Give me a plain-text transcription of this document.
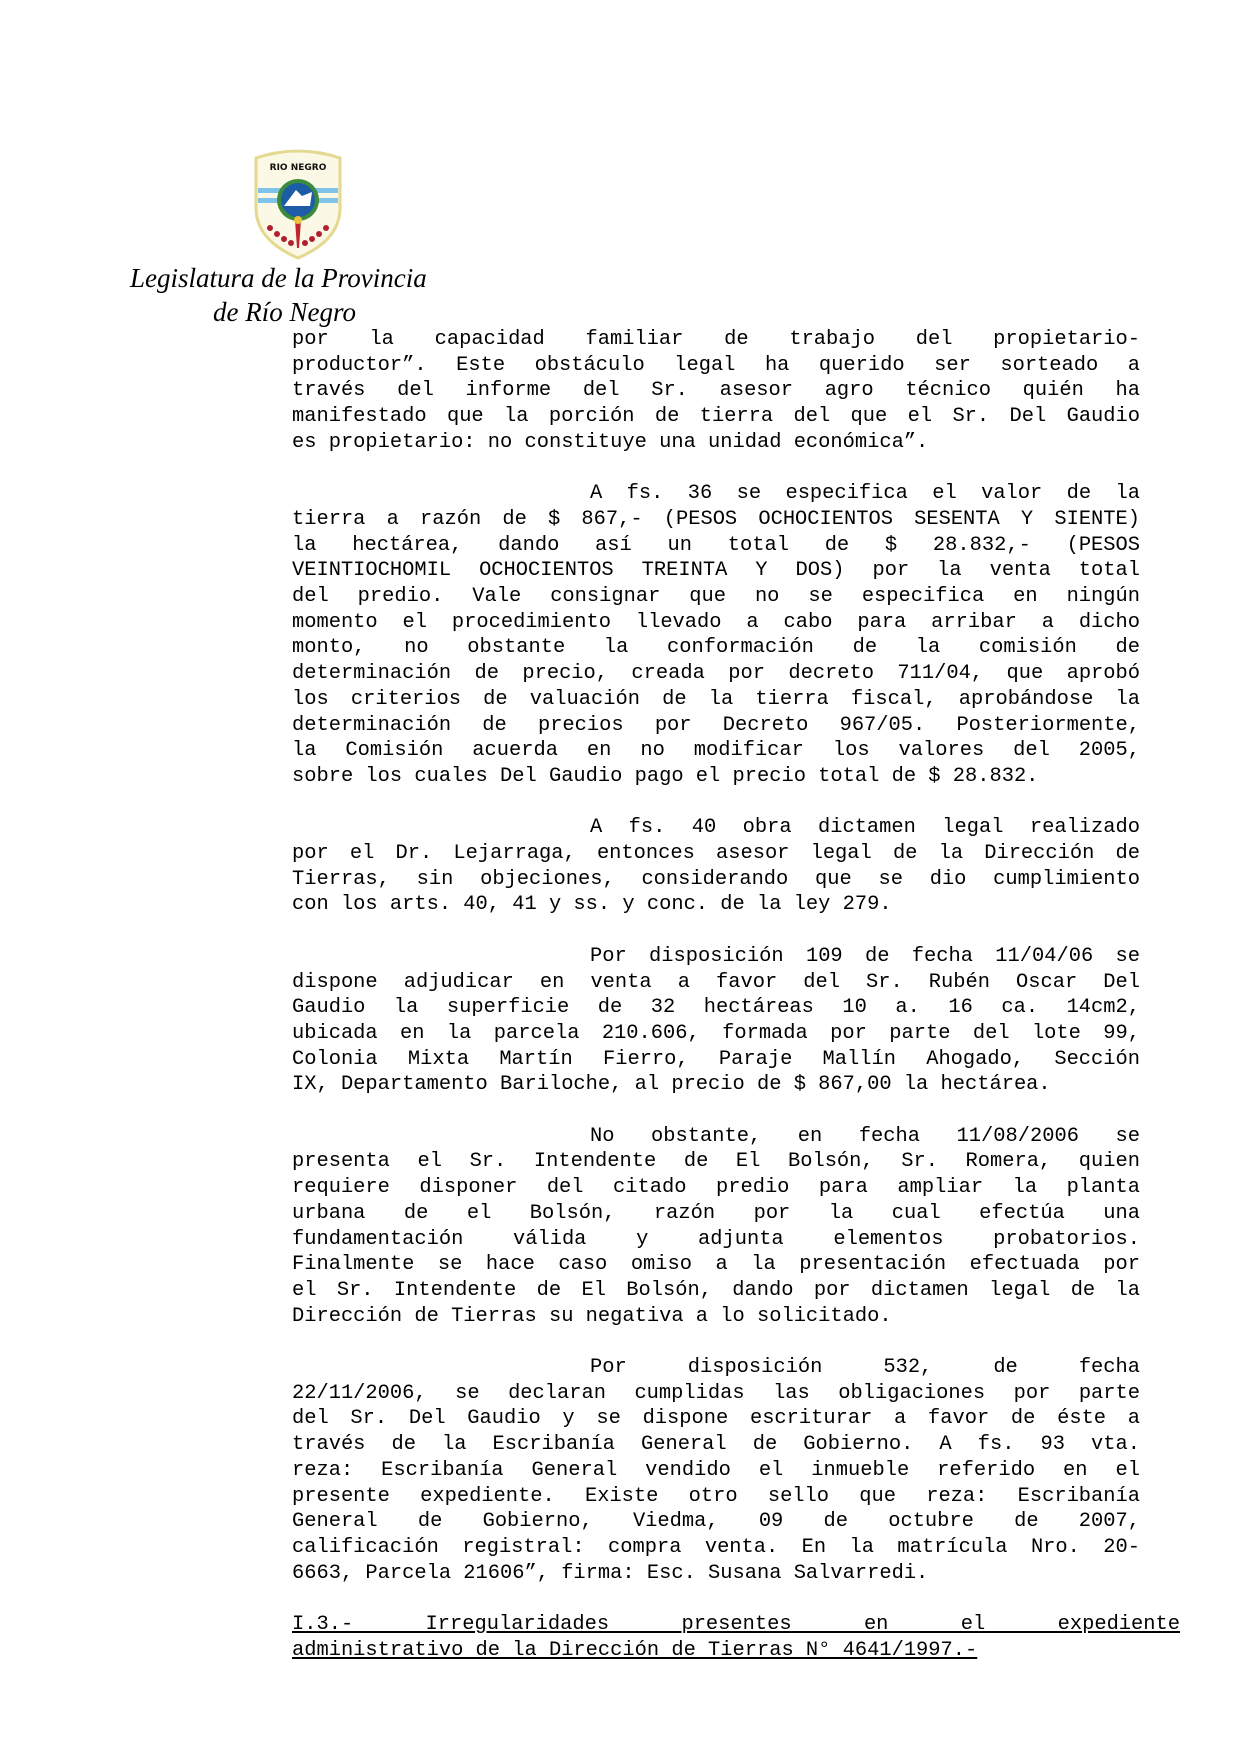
RIO NEGRO
Legislatura de la Provincia
de Río Negro
por la capacidad familiar de trabajo del propietario-
productor”. Este obstáculo legal ha querido ser sorteado a
través del informe del Sr. asesor agro técnico quién ha
manifestado que la porción de tierra del que el Sr. Del Gaudio
es propietario: no constituye una unidad económica”.
A fs. 36 se especifica el valor de la
tierra a razón de $ 867,- (PESOS OCHOCIENTOS SESENTA Y SIENTE)
la hectárea, dando así un total de $ 28.832,- (PESOS
VEINTIOCHOMIL OCHOCIENTOS TREINTA Y DOS) por la venta total
del predio. Vale consignar que no se especifica en ningún
momento el procedimiento llevado a cabo para arribar a dicho
monto, no obstante la conformación de la comisión de
determinación de precio, creada por decreto 711/04, que aprobó
los criterios de valuación de la tierra fiscal, aprobándose la
determinación de precios por Decreto 967/05. Posteriormente,
la Comisión acuerda en no modificar los valores del 2005,
sobre los cuales Del Gaudio pago el precio total de $ 28.832.
A fs. 40 obra dictamen legal realizado
por el Dr. Lejarraga, entonces asesor legal de la Dirección de
Tierras, sin objeciones, considerando que se dio cumplimiento
con los arts. 40, 41 y ss. y conc. de la ley 279.
Por disposición 109 de fecha 11/04/06 se
dispone adjudicar en venta a favor del Sr. Rubén Oscar Del
Gaudio la superficie de 32 hectáreas 10 a. 16 ca. 14cm2,
ubicada en la parcela 210.606, formada por parte del lote 99,
Colonia Mixta Martín Fierro, Paraje Mallín Ahogado, Sección
IX, Departamento Bariloche, al precio de $ 867,00 la hectárea.
No obstante, en fecha 11/08/2006 se
presenta el Sr. Intendente de El Bolsón, Sr. Romera, quien
requiere disponer del citado predio para ampliar la planta
urbana de el Bolsón, razón por la cual efectúa una
fundamentación válida y adjunta elementos probatorios.
Finalmente se hace caso omiso a la presentación efectuada por
el Sr. Intendente de El Bolsón, dando por dictamen legal de la
Dirección de Tierras su negativa a lo solicitado.
Por disposición 532, de fecha
22/11/2006, se declaran cumplidas las obligaciones por parte
del Sr. Del Gaudio y se dispone escriturar a favor de éste a
través de la Escribanía General de Gobierno. A fs. 93 vta.
reza: Escribanía General vendido el inmueble referido en el
presente expediente. Existe otro sello que reza: Escribanía
General de Gobierno, Viedma, 09 de octubre de 2007,
calificación registral: compra venta. En la matrícula Nro. 20-
6663, Parcela 21606”, firma: Esc. Susana Salvarredi.
I.3.- Irregularidades presentes en el expediente
administrativo de la Dirección de Tierras N° 4641/1997.-
